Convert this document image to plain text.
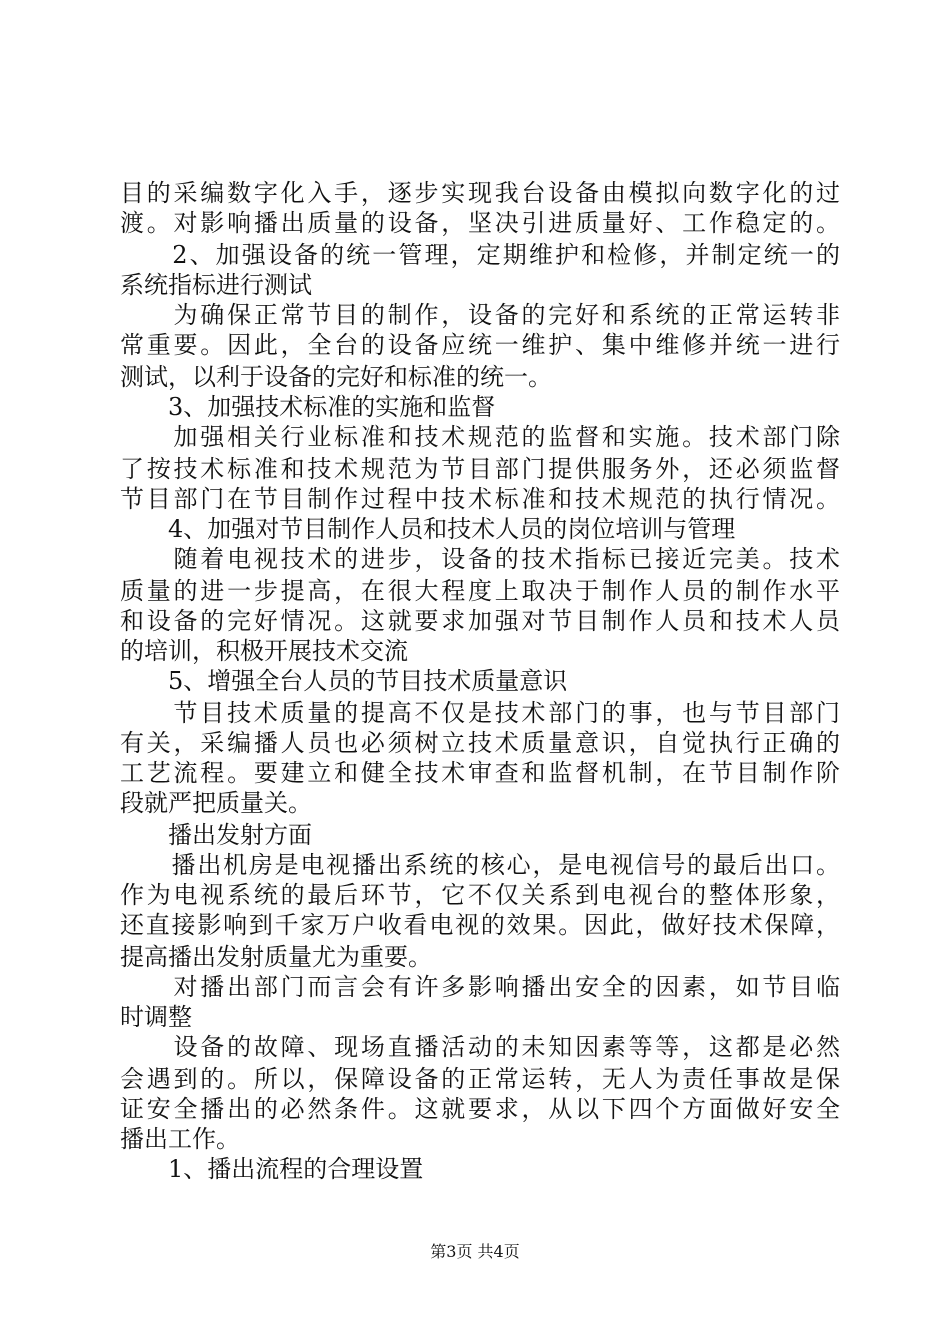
目的采编数字化入手，逐步实现我台设备由模拟向数字化的过
渡。对影响播出质量的设备，坚决引进质量好、工作稳定的。
　　2、加强设备的统一管理，定期维护和检修，并制定统一的
系统指标进行测试
　　为确保正常节目的制作，设备的完好和系统的正常运转非
常重要。因此，全台的设备应统一维护、集中维修并统一进行
测试，以利于设备的完好和标准的统一。
　　3、加强技术标准的实施和监督
　　加强相关行业标准和技术规范的监督和实施。技术部门除
了按技术标准和技术规范为节目部门提供服务外，还必须监督
节目部门在节目制作过程中技术标准和技术规范的执行情况。
　　4、加强对节目制作人员和技术人员的岗位培训与管理
　　随着电视技术的进步，设备的技术指标已接近完美。技术
质量的进一步提高，在很大程度上取决于制作人员的制作水平
和设备的完好情况。这就要求加强对节目制作人员和技术人员
的培训，积极开展技术交流
　　5、增强全台人员的节目技术质量意识
　　节目技术质量的提高不仅是技术部门的事，也与节目部门
有关，采编播人员也必须树立技术质量意识，自觉执行正确的
工艺流程。要建立和健全技术审查和监督机制，在节目制作阶
段就严把质量关。
　　播出发射方面
　　播出机房是电视播出系统的核心，是电视信号的最后出口。
作为电视系统的最后环节，它不仅关系到电视台的整体形象，
还直接影响到千家万户收看电视的效果。因此，做好技术保障，
提高播出发射质量尤为重要。
　　对播出部门而言会有许多影响播出安全的因素，如节目临
时调整
　　设备的故障、现场直播活动的未知因素等等，这都是必然
会遇到的。所以，保障设备的正常运转，无人为责任事故是保
证安全播出的必然条件。这就要求，从以下四个方面做好安全
播出工作。
　　1、播出流程的合理设置
第3页 共4页
